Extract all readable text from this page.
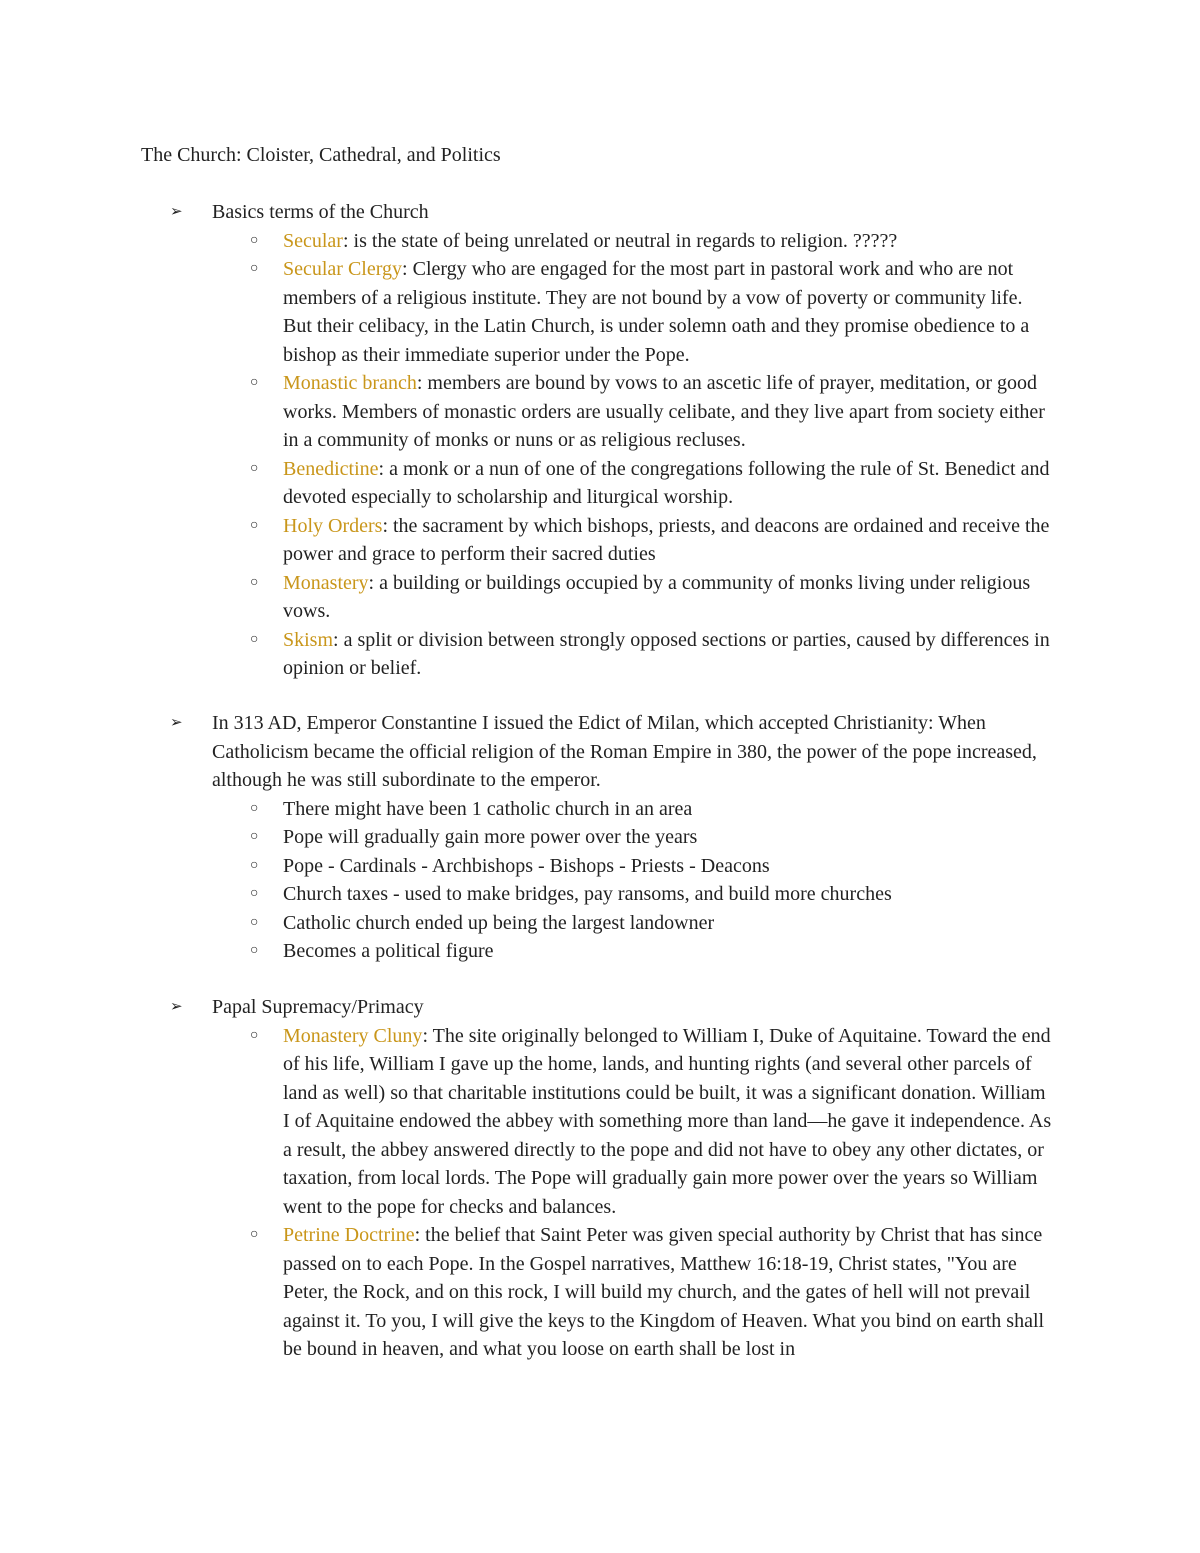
The Church: Cloister, Cathedral, and Politics
➢ Basics terms of the Church
○ Secular: is the state of being unrelated or neutral in regards to religion. ?????
○ Secular Clergy: Clergy who are engaged for the most part in pastoral work and who are not members of a religious institute. They are not bound by a vow of poverty or community life. But their celibacy, in the Latin Church, is under solemn oath and they promise obedience to a bishop as their immediate superior under the Pope.
○ Monastic branch: members are bound by vows to an ascetic life of prayer, meditation, or good works. Members of monastic orders are usually celibate, and they live apart from society either in a community of monks or nuns or as religious recluses.
○ Benedictine: a monk or a nun of one of the congregations following the rule of St. Benedict and devoted especially to scholarship and liturgical worship.
○ Holy Orders: the sacrament by which bishops, priests, and deacons are ordained and receive the power and grace to perform their sacred duties
○ Monastery: a building or buildings occupied by a community of monks living under religious vows.
○ Skism: a split or division between strongly opposed sections or parties, caused by differences in opinion or belief.
➢ In 313 AD, Emperor Constantine I issued the Edict of Milan, which accepted Christianity: When Catholicism became the official religion of the Roman Empire in 380, the power of the pope increased, although he was still subordinate to the emperor.
○ There might have been 1 catholic church in an area
○ Pope will gradually gain more power over the years
○ Pope - Cardinals - Archbishops - Bishops - Priests - Deacons
○ Church taxes - used to make bridges, pay ransoms, and build more churches
○ Catholic church ended up being the largest landowner
○ Becomes a political figure
➢ Papal Supremacy/Primacy
○ Monastery Cluny: The site originally belonged to William I, Duke of Aquitaine. Toward the end of his life, William I gave up the home, lands, and hunting rights (and several other parcels of land as well) so that charitable institutions could be built, it was a significant donation. William I of Aquitaine endowed the abbey with something more than land—he gave it independence. As a result, the abbey answered directly to the pope and did not have to obey any other dictates, or taxation, from local lords. The Pope will gradually gain more power over the years so William went to the pope for checks and balances.
○ Petrine Doctrine: the belief that Saint Peter was given special authority by Christ that has since passed on to each Pope. In the Gospel narratives, Matthew 16:18-19, Christ states, "You are Peter, the Rock, and on this rock, I will build my church, and the gates of hell will not prevail against it. To you, I will give the keys to the Kingdom of Heaven. What you bind on earth shall be bound in heaven, and what you loose on earth shall be lost in
